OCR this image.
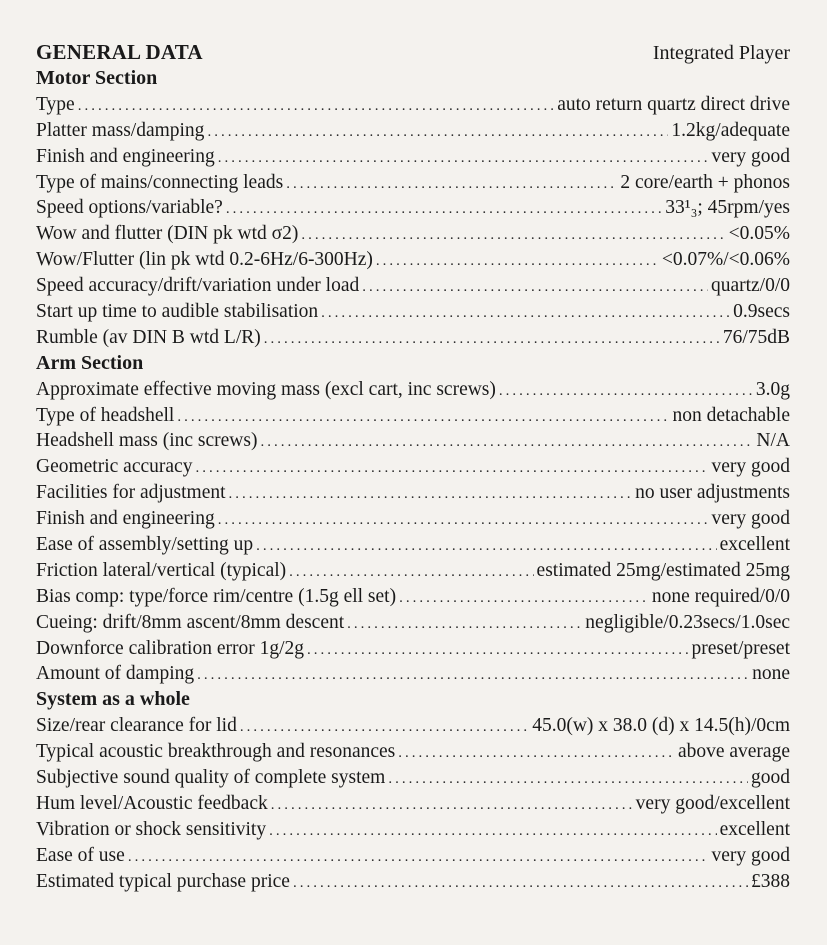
GENERAL DATA	Integrated Player
Motor Section
Type .....	auto return quartz direct drive
Platter mass/damping .....	1.2kg/adequate
Finish and engineering .....	very good
Type of mains/connecting leads .....	2 core/earth + phonos
Speed options/variable? .....	33¹₃; 45rpm/yes
Wow and flutter (DIN pk wtd σ2) .....	<0.05%
Wow/Flutter (lin pk wtd 0.2-6Hz/6-300Hz) .....	<0.07%/<0.06%
Speed accuracy/drift/variation under load .....	quartz/0/0
Start up time to audible stabilisation .....	0.9secs
Rumble (av DIN B wtd L/R) .....	76/75dB
Arm Section
Approximate effective moving mass (excl cart, inc screws) .....	3.0g
Type of headshell .....	non detachable
Headshell mass (inc screws) .....	N/A
Geometric accuracy .....	very good
Facilities for adjustment .....	no user adjustments
Finish and engineering .....	very good
Ease of assembly/setting up .....	excellent
Friction lateral/vertical (typical) .....	estimated 25mg/estimated 25mg
Bias comp: type/force rim/centre (1.5g ell set) .....	none required/0/0
Cueing: drift/8mm ascent/8mm descent .....	negligible/0.23secs/1.0sec
Downforce calibration error 1g/2g .....	preset/preset
Amount of damping .....	none
System as a whole
Size/rear clearance for lid .....	45.0(w) x 38.0 (d) x 14.5(h)/0cm
Typical acoustic breakthrough and resonances .....	above average
Subjective sound quality of complete system .....	good
Hum level/Acoustic feedback .....	very good/excellent
Vibration or shock sensitivity .....	excellent
Ease of use .....	very good
Estimated typical purchase price .....	£388
